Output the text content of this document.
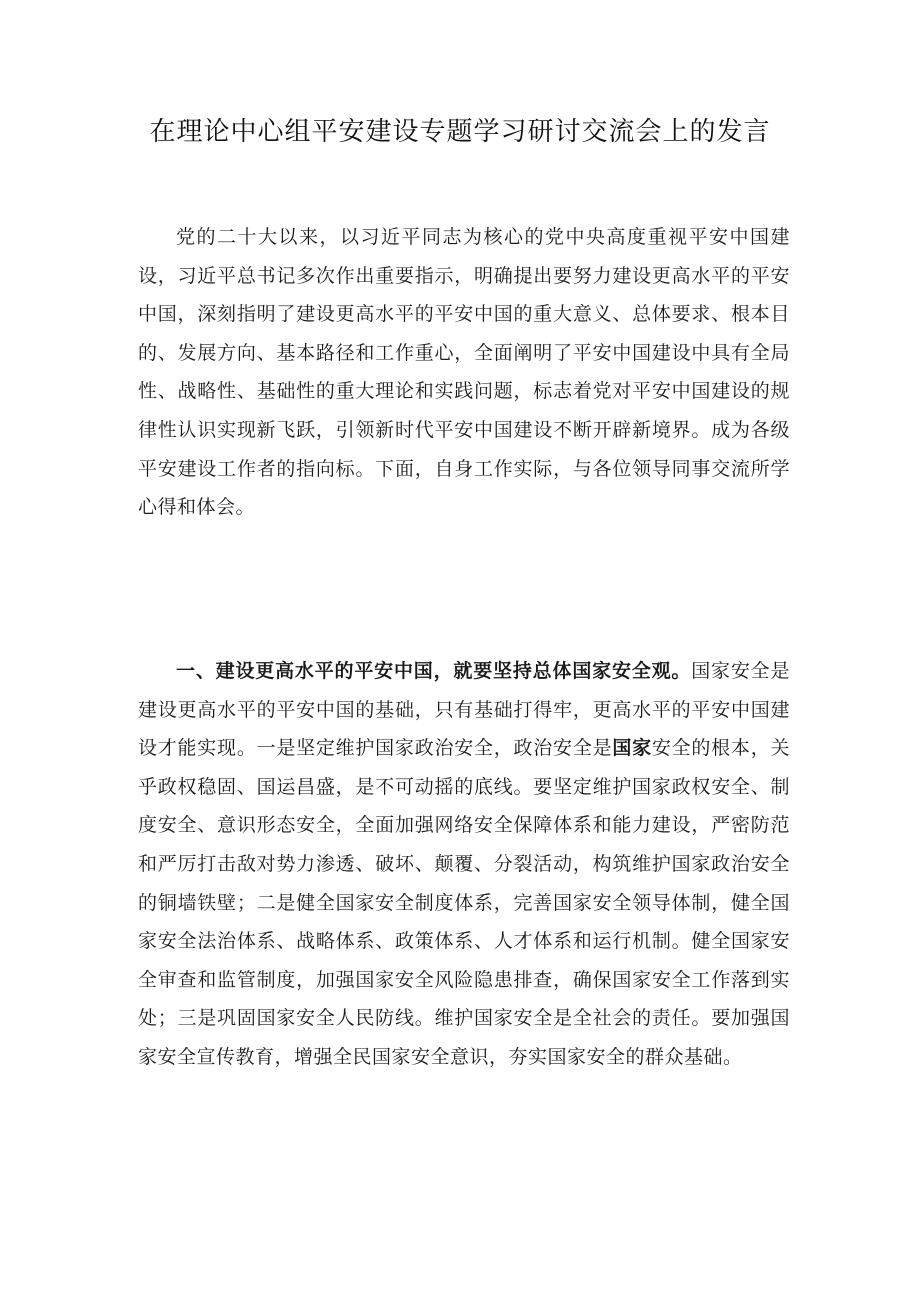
在理论中心组平安建设专题学习研讨交流会上的发言

党的二十大以来，以习近平同志为核心的党中央高度重视平安中国建设，习近平总书记多次作出重要指示，明确提出要努力建设更高水平的平安中国，深刻指明了建设更高水平的平安中国的重大意义、总体要求、根本目的、发展方向、基本路径和工作重心，全面阐明了平安中国建设中具有全局性、战略性、基础性的重大理论和实践问题，标志着党对平安中国建设的规律性认识实现新飞跃，引领新时代平安中国建设不断开辟新境界。成为各级平安建设工作者的指向标。下面，自身工作实际，与各位领导同事交流所学心得和体会。

一、建设更高水平的平安中国，就要坚持总体国家安全观。国家安全是建设更高水平的平安中国的基础，只有基础打得牢，更高水平的平安中国建设才能实现。一是坚定维护国家政治安全，政治安全是国家安全的根本，关乎政权稳固、国运昌盛，是不可动摇的底线。要坚定维护国家政权安全、制度安全、意识形态安全，全面加强网络安全保障体系和能力建设，严密防范和严厉打击敌对势力渗透、破坏、颠覆、分裂活动，构筑维护国家政治安全的铜墙铁壁；二是健全国家安全制度体系，完善国家安全领导体制，健全国家安全法治体系、战略体系、政策体系、人才体系和运行机制。健全国家安全审查和监管制度，加强国家安全风险隐患排查，确保国家安全工作落到实处；三是巩固国家安全人民防线。维护国家安全是全社会的责任。要加强国家安全宣传教育，增强全民国家安全意识，夯实国家安全的群众基础。
